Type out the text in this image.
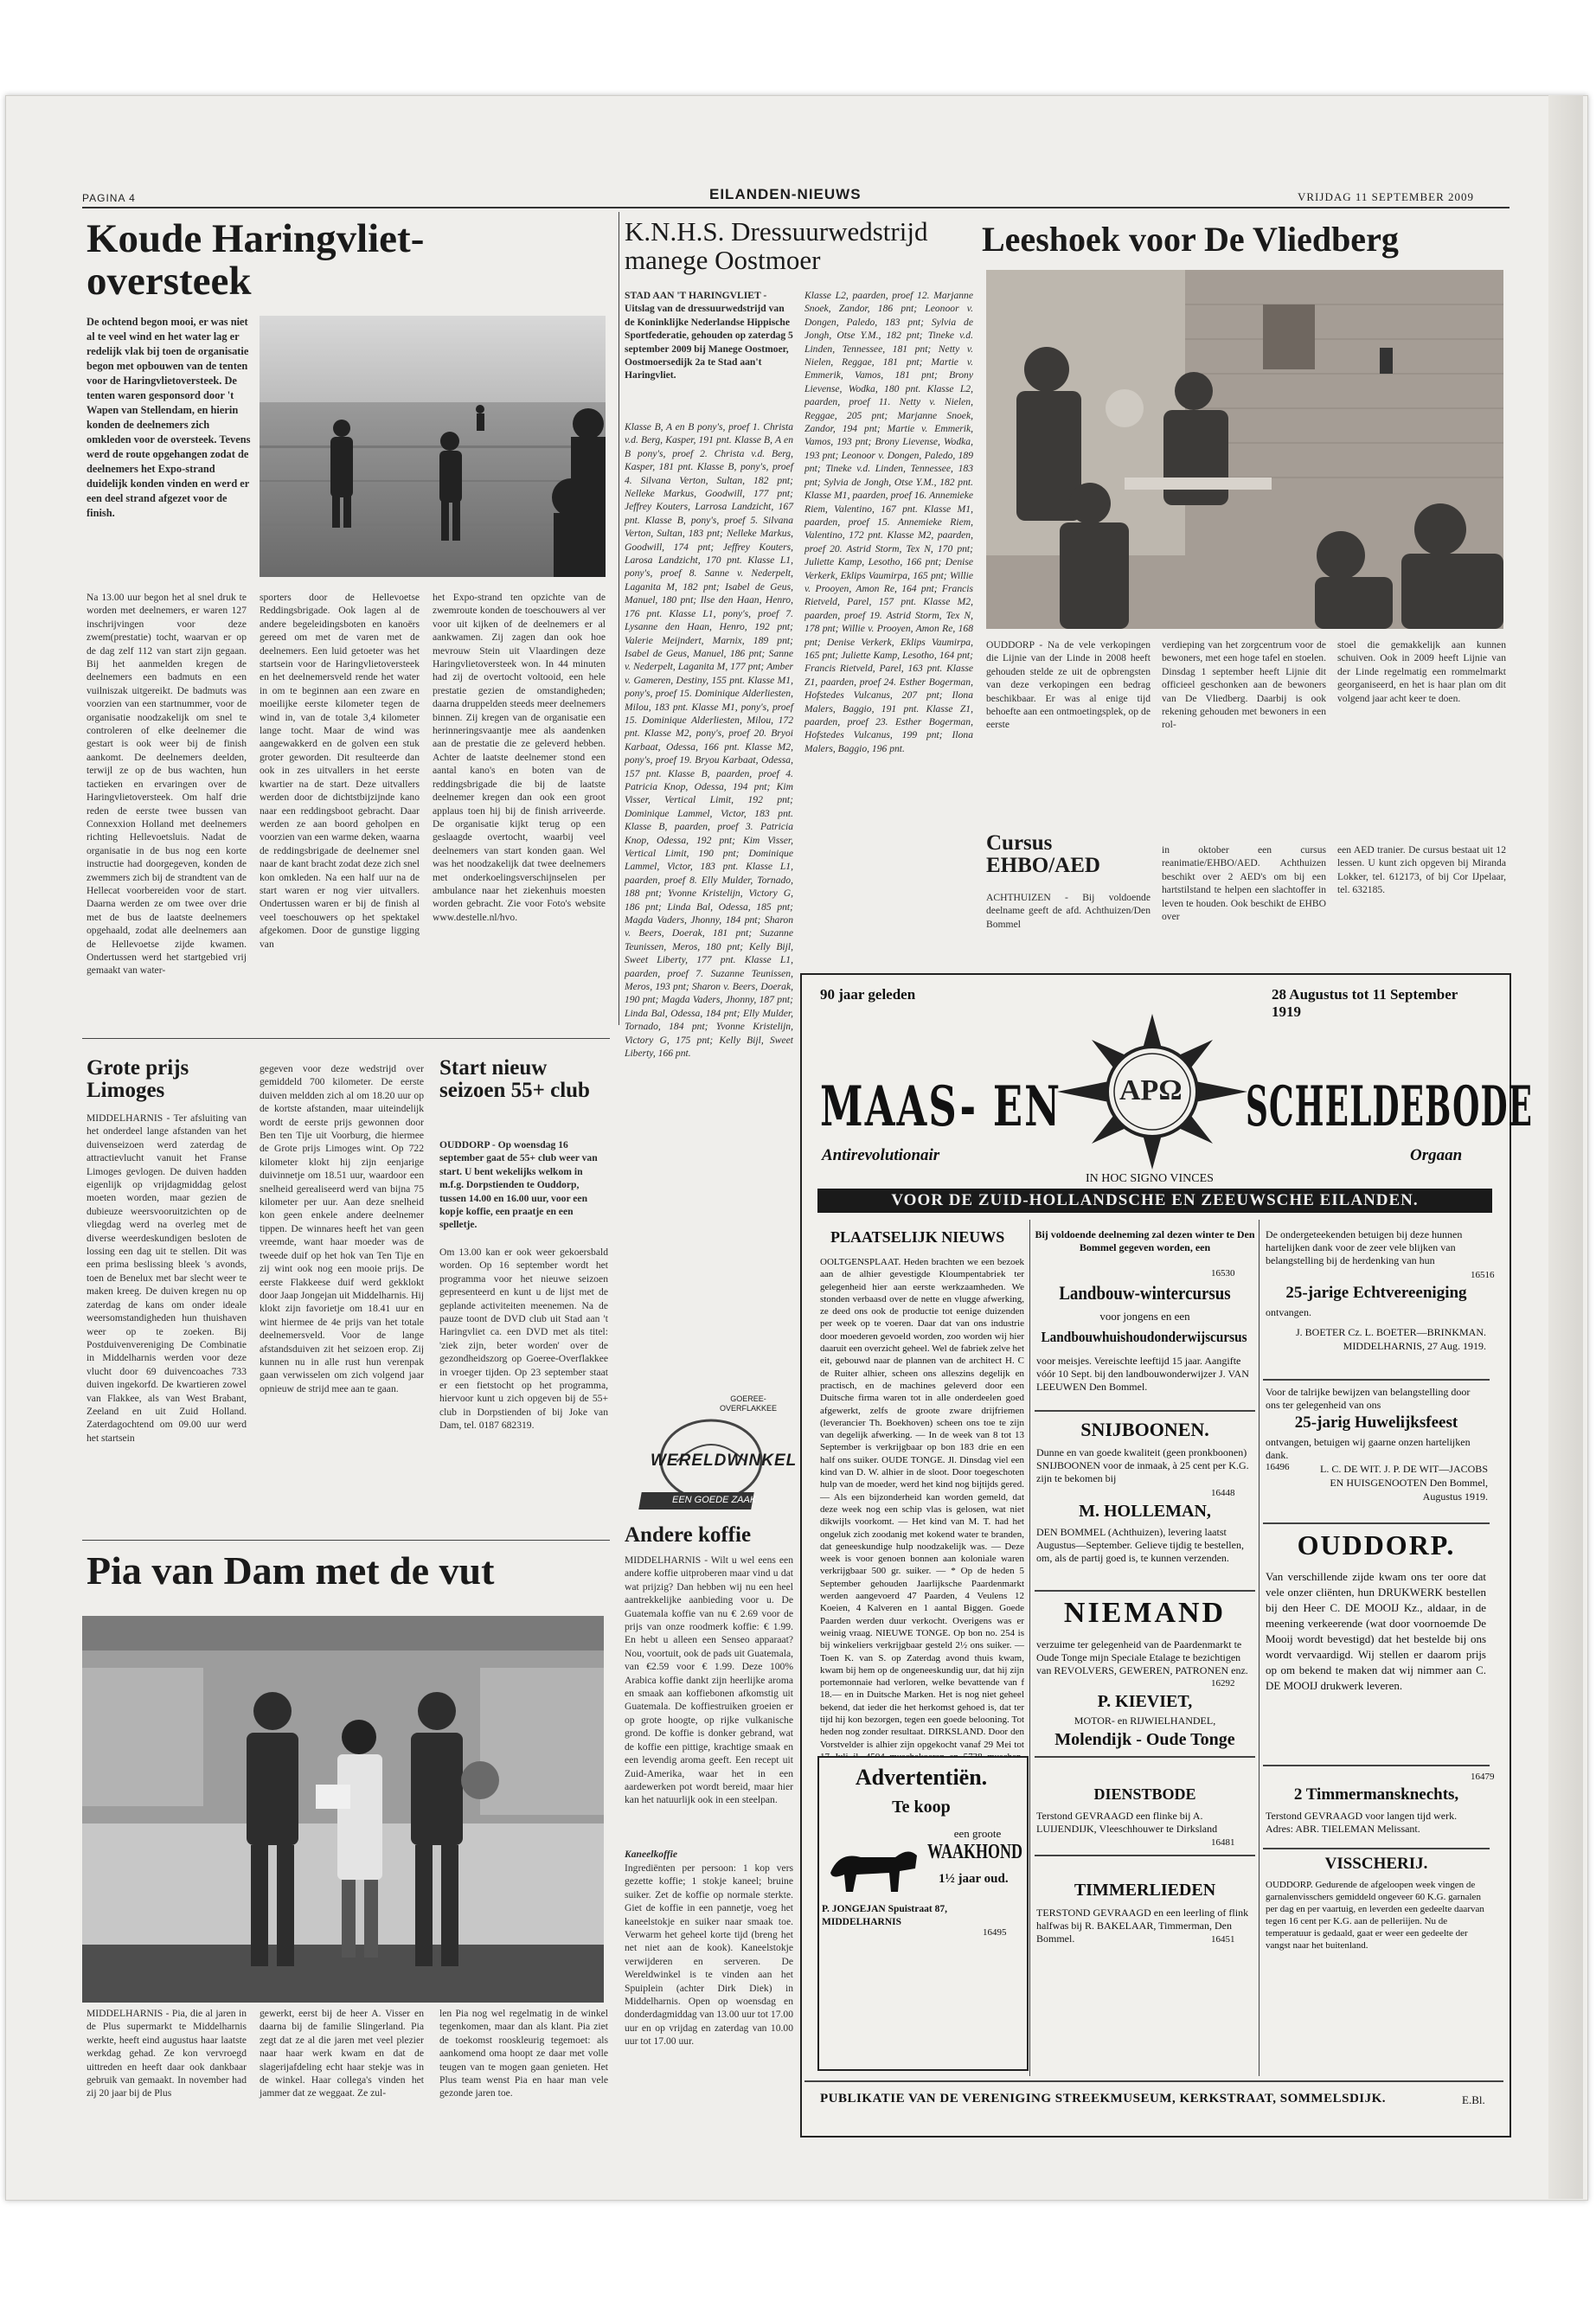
PAGINA 4	EILANDEN-NIEUWS	VRIJDAG 11 SEPTEMBER 2009
Koude Haringvliet-oversteek
De ochtend begon mooi, er was niet al te veel wind en het water lag er redelijk vlak bij toen de organisatie begon met opbouwen van de tenten voor de Haringvlietoversteek. De tenten waren gesponsord door 't Wapen van Stellendam, en hierin konden de deelnemers zich omkleden voor de oversteek. Tevens werd de route opgehangen zodat de deelnemers het Expo-strand duidelijk konden vinden en werd er een deel strand afgezet voor de finish.
Na 13.00 uur begon het al snel druk te worden met deelnemers, er waren 127 inschrijvingen voor deze zwem(prestatie) tocht, waarvan er op de dag zelf 112 van start zijn gegaan. Bij het aanmelden kregen de deelnemers een badmuts en een vuilniszak uitgereikt. De badmuts was voorzien van een startnummer, voor de organisatie noodzakelijk om snel te controleren of elke deelnemer die gestart is ook weer bij de finish aankomt. De deelnemers deelden, terwijl ze op de bus wachten, hun tactieken en ervaringen over de Haringvlietoversteek. Om half drie reden de eerste twee bussen van Connexxion Holland met deelnemers richting Hellevoetsluis. Nadat de organisatie in de bus nog een korte instructie had doorgegeven, konden de zwemmers zich bij de strandtent van de Hellecat voorbereiden voor de start. Daarna werden ze om twee over drie met de bus de laatste deelnemers opgehaald, zodat alle deelnemers aan de Hellevoetse zijde kwamen. Ondertussen werd het startgebied vrij gemaakt van water-
sporters door de Hellevoetse Reddingsbrigade. Ook lagen al de andere begeleidingsboten en kanoërs gereed om met de varen met de deelnemers. Een luid getoeter was het startsein voor de Haringvlietoversteek en het deelnemersveld rende het water in om te beginnen aan een zware en moeilijke eerste kilometer tegen de wind in, van de totale 3,4 kilometer lange tocht. Maar de wind was aangewakkerd en de golven een stuk groter geworden. Dit resulteerde dan ook in zes uitvallers in het eerste kwartier na de start. Deze uitvallers werden door de dichtstbijzijnde kano naar een reddingsboot gebracht. Daar werden ze aan boord geholpen en voorzien van een warme deken, waarna de reddingsbrigade de deelnemer snel naar de kant bracht zodat deze zich snel kon omkleden. Na een half uur na de start waren er nog vier uitvallers. Ondertussen waren er bij de finish al veel toeschouwers op het spektakel afgekomen. Door de gunstige ligging van
het Expo-strand ten opzichte van de zwemroute konden de toeschouwers al ver voor uit kijken of de deelnemers er al aankwamen. Zij zagen dan ook hoe mevrouw Stein uit Vlaardingen deze Haringvlietoversteek won. In 44 minuten had zij de overtocht voltooid, een hele prestatie gezien de omstandigheden; daarna druppelden steeds meer deelnemers binnen. Zij kregen van de organisatie een herinneringsvaantje mee als aandenken aan de prestatie die ze geleverd hebben. Achter de laatste deelnemer stond een aantal kano's en boten van de reddingsbrigade die bij de laatste deelnemer kregen dan ook een groot applaus toen hij bij de finish arriveerde. De organisatie kijkt terug op een geslaagde overtocht, waarbij veel deelnemers van start konden gaan. Wel was het noodzakelijk dat twee deelnemers met onderkoelingsverschijnselen per ambulance naar het ziekenhuis moesten worden gebracht. Zie voor Foto's website www.destelle.nl/hvo.
K.N.H.S. Dressuurwedstrijd manege Oostmoer
STAD AAN 'T HARINGVLIET - Uitslag van de dressuurwedstrijd van de Koninklijke Nederlandse Hippische Sportfederatie, gehouden op zaterdag 5 september 2009 bij Manege Oostmoer, Oostmoersedijk 2a te Stad aan't Haringvliet.
Klasse B, A en B pony's, proef 1. Christa v.d. Berg, Kasper, 191 pnt. Klasse B, A en B pony's, proef 2. Christa v.d. Berg, Kasper, 181 pnt. Klasse B, pony's, proef 4. Silvana Verton, Sultan, 182 pnt; Nelleke Markus, Goodwill, 177 pnt; Jeffrey Kouters, Larrosa Landzicht, 167 pnt. Klasse B, pony's, proef 5. Silvana Verton, Sultan, 183 pnt; Nelleke Markus, Goodwill, 174 pnt; Jeffrey Kouters, Larosa Landzicht, 170 pnt. Klasse L1, pony's, proef 8. Sanne v. Nederpelt, Laganita M, 182 pnt; Isabel de Geus, Manuel, 180 pnt; Ilse den Haan, Henro, 176 pnt. Klasse L1, pony's, proef 7. Lysanne den Haan, Henro, 192 pnt; Valerie Meijndert, Marnix, 189 pnt; Isabel de Geus, Manuel, 186 pnt; Sanne v. Nederpelt, Laganita M, 177 pnt; Amber v. Gameren, Destiny, 155 pnt. Klasse M1, pony's, proef 15. Dominique Alderliesten, Milou, 183 pnt. Klasse M1, pony's, proef 15. Dominique Alderliesten, Milou, 172 pnt. Klasse M2, pony's, proef 20. Bryoi Karbaat, Odessa, 166 pnt. Klasse M2, pony's, proef 19. Bryou Karbaat, Odessa, 157 pnt. Klasse B, paarden, proef 4. Patricia Knop, Odessa, 194 pnt; Kim Visser, Vertical Limit, 192 pnt; Dominique Lammel, Victor, 183 pnt. Klasse B, paarden, proef 3. Patricia Knop, Odessa, 192 pnt; Kim Visser, Vertical Limit, 190 pnt; Dominique Lammel, Victor, 183 pnt. Klasse L1, paarden, proef 8. Elly Mulder, Tornado, 188 pnt; Yvonne Kristelijn, Victory G, 186 pnt; Linda Bal, Odessa, 185 pnt; Magda Vaders, Jhonny, 184 pnt; Sharon v. Beers, Doerak, 181 pnt; Suzanne Teunissen, Meros, 180 pnt; Kelly Bijl, Sweet Liberty, 177 pnt. Klasse L1, paarden, proef 7. Suzanne Teunissen, Meros, 193 pnt; Sharon v. Beers, Doerak, 190 pnt; Magda Vaders, Jhonny, 187 pnt; Linda Bal, Odessa, 184 pnt; Elly Mulder, Tornado, 184 pnt; Yvonne Kristelijn, Victory G, 175 pnt; Kelly Bijl, Sweet Liberty, 166 pnt.
Klasse L2, paarden, proef 12. Marjanne Snoek, Zandor, 186 pnt; Leonoor v. Dongen, Paledo, 183 pnt; Sylvia de Jongh, Otse Y.M., 182 pnt; Tineke v.d. Linden, Tennessee, 181 pnt; Netty v. Nielen, Reggae, 181 pnt; Martie v. Emmerik, Vamos, 181 pnt; Brony Lievense, Wodka, 180 pnt. Klasse L2, paarden, proef 11. Netty v. Nielen, Reggae, 205 pnt; Marjanne Snoek, Zandor, 194 pnt; Martie v. Emmerik, Vamos, 193 pnt; Brony Lievense, Wodka, 193 pnt; Leonoor v. Dongen, Paledo, 189 pnt; Tineke v.d. Linden, Tennessee, 183 pnt; Sylvia de Jongh, Otse Y.M., 182 pnt. Klasse M1, paarden, proef 16. Annemieke Riem, Valentino, 167 pnt. Klasse M1, paarden, proef 15. Annemieke Riem, Valentino, 172 pnt. Klasse M2, paarden, proef 20. Astrid Storm, Tex N, 170 pnt; Juliette Kamp, Lesotho, 166 pnt; Denise Verkerk, Eklips Vaumirpa, 165 pnt; Willie v. Prooyen, Amon Re, 164 pnt; Francis Rietveld, Parel, 157 pnt. Klasse M2, paarden, proef 19. Astrid Storm, Tex N, 178 pnt; Willie v. Prooyen, Amon Re, 168 pnt; Denise Verkerk, Eklips Vaumirpa, 165 pnt; Juliette Kamp, Lesotho, 164 pnt; Francis Rietveld, Parel, 163 pnt. Klasse Z1, paarden, proef 24. Esther Bogerman, Hofstedes Vulcanus, 207 pnt; Ilona Malers, Baggio, 191 pnt. Klasse Z1, paarden, proef 23. Esther Bogerman, Hofstedes Vulcanus, 199 pnt; Ilona Malers, Baggio, 196 pnt.
Leeshoek voor De Vliedberg
OUDDORP - Na de vele verkopingen die Lijnie van der Linde in 2008 heeft gehouden stelde ze uit de opbrengsten van deze verkopingen een bedrag beschikbaar. Er was al enige tijd behoefte aan een ontmoetingsplek, op de eerste
verdieping van het zorgcentrum voor de bewoners, met een hoge tafel en stoelen. Dinsdag 1 september heeft Lijnie dit officieel geschonken aan de bewoners van De Vliedberg. Daarbij is ook rekening gehouden met bewoners in een rol-
stoel die gemakkelijk aan kunnen schuiven. Ook in 2009 heeft Lijnie van der Linde regelmatig een rommelmarkt georganiseerd, en het is haar plan om dit volgend jaar acht keer te doen.
Cursus EHBO/AED
ACHTHUIZEN - Bij voldoende deelname geeft de afd. Achthuizen/Den Bommel
in oktober een cursus reanimatie/EHBO/AED. Achthuizen beschikt over 2 AED's om bij een hartstilstand te helpen een slachtoffer in leven te houden. Ook beschikt de EHBO over
een AED tranier. De cursus bestaat uit 12 lessen. U kunt zich opgeven bij Miranda Lokker, tel. 612173, of bij Cor IJpelaar, tel. 632185.
Grote prijs Limoges
MIDDELHARNIS - Ter afsluiting van het onderdeel lange afstanden van het duivenseizoen werd zaterdag de attractievlucht vanuit het Franse Limoges gevlogen. De duiven hadden eigenlijk op vrijdagmiddag gelost moeten worden, maar gezien de dubieuze weersvooruitzichten op de vliegdag werd na overleg met de diverse weerdeskundigen besloten de lossing een dag uit te stellen. Dit was een prima beslissing bleek 's avonds, toen de Benelux met bar slecht weer te maken kreeg. De duiven kregen nu op zaterdag de kans om onder ideale weersomstandigheden hun thuishaven weer op te zoeken. Bij Postduivenvereniging De Combinatie in Middelharnis werden voor deze vlucht door 69 duivencoaches 733 duiven ingekorfd. De kwartieren zowel van Flakkee, als van West Brabant, Zeeland en uit Zuid Holland. Zaterdagochtend om 09.00 uur werd het startsein
gegeven voor deze wedstrijd over gemiddeld 700 kilometer. De eerste duiven meldden zich al om 18.20 uur op de kortste afstanden, maar uiteindelijk wordt de eerste prijs gewonnen door Ben ten Tije uit Voorburg, die hiermee de Grote prijs Limoges wint. Op 722 kilometer klokt hij zijn eenjarige duivinnetje om 18.51 uur, waardoor een snelheid gerealiseerd werd van bijna 75 kilometer per uur. Aan deze snelheid kon geen enkele andere deelnemer tippen. De winnares heeft het van geen vreemde, want haar moeder was de tweede duif op het hok van Ten Tije en zij wint ook nog een mooie prijs. De eerste Flakkeese duif werd gekklokt door Jaap Jongejan uit Middelharnis. Hij klokt zijn favorietje om 18.41 uur en wint hiermee de 4e prijs van het totale deelnemersveld. Voor de lange afstandsduiven zit het seizoen erop. Zij kunnen nu in alle rust hun verenpak gaan verwisselen om zich volgend jaar opnieuw de strijd mee aan te gaan.
Start nieuw seizoen 55+ club
OUDDORP - Op woensdag 16 september gaat de 55+ club weer van start. U bent wekelijks welkom in m.f.g. Dorpstienden te Ouddorp, tussen 14.00 en 16.00 uur, voor een kopje koffie, een praatje en een spelletje.
Om 13.00 kan er ook weer gekoersbald worden. Op 16 september wordt het programma voor het nieuwe seizoen gepresenteerd en kunt u de lijst met de geplande activiteiten meenemen. Na de pauze toont de DVD club uit Stad aan 't Haringvliet ca. een DVD met als titel: 'ziek zijn, beter worden' over de gezondheidszorg op Goeree-Overflakkee in vroeger tijden. Op 23 september staat er een fietstocht op het programma, hiervoor kunt u zich opgeven bij de 55+ club in Dorpstienden of bij Joke van Dam, tel. 0187 682319.
GOEREE-OVERFLAKKEE
WERELDWINKEL
EEN GOEDE ZAAK
Andere koffie
MIDDELHARNIS - Wilt u wel eens een andere koffie uitproberen maar vind u dat wat prijzig? Dan hebben wij nu een heel aantrekkelijke aanbieding voor u. De Guatemala koffie van nu € 2.69 voor de prijs van onze roodmerk koffie: € 1.99. En hebt u alleen een Senseo apparaat? Nou, voortuit, ook de pads uit Guatemala, van €2.59 voor € 1.99. Deze 100% Arabica koffie dankt zijn heerlijke aroma en smaak aan koffiebonen afkomstig uit Guatemala. De koffiestruiken groeien er op grote hoogte, op rijke vulkanische grond. De koffie is donker gebrand, wat de koffie een pittige, krachtige smaak en een levendig aroma geeft. Een recept uit Zuid-Amerika, waar het in een aardewerken pot wordt bereid, maar hier kan het natuurlijk ook in een steelpan.
Kaneelkoffie
Ingrediënten per persoon: 1 kop vers gezette koffie; 1 stokje kaneel; bruine suiker. Zet de koffie op normale sterkte. Giet de koffie in een pannetje, voeg het kaneelstokje en suiker naar smaak toe. Verwarm het geheel korte tijd (breng het net niet aan de kook). Kaneelstokje verwijderen en serveren. De Wereldwinkel is te vinden aan het Spuiplein (achter Dirk Diek) in Middelharnis. Open op woensdag en donderdagmiddag van 13.00 uur tot 17.00 uur en op vrijdag en zaterdag van 10.00 uur tot 17.00 uur.
Pia van Dam met de vut
MIDDELHARNIS - Pia, die al jaren in de Plus supermarkt te Middelharnis werkte, heeft eind augustus haar laatste werkdag gehad. Ze kon vervroegd uittreden en heeft daar ook dankbaar gebruik van gemaakt. In november had zij 20 jaar bij de Plus
gewerkt, eerst bij de heer A. Visser en daarna bij de familie Slingerland. Pia zegt dat ze al die jaren met veel plezier naar haar werk kwam en dat de slagerijafdeling echt haar stekje was in de winkel. Haar collega's vinden het jammer dat ze weggaat. Ze zul-
len Pia nog wel regelmatig in de winkel tegenkomen, maar dan als klant. Pia ziet de toekomst rooskleurig tegemoet: als aankomend oma hoopt ze daar met volle teugen van te mogen gaan genieten. Het Plus team wenst Pia en haar man vele gezonde jaren toe.
90 jaar geleden	28 Augustus tot 11 September 1919
MAAS- EN AΡΩ SCHELDEBODE
Antirevolutionair
IN HOC SIGNO VINCES
Orgaan
VOOR DE ZUID-HOLLANDSCHE EN ZEEUWSCHE EILANDEN.
PLAATSELIJK NIEUWS
OOLTGENSPLAAT. Heden brachten we een bezoek aan de alhier gevestigde Kloumpentabriek ter gelegenheid hier aan eerste werkzaamheden. We stonden verbaasd over de nette en vlugge afwerking, ze deed ons ook de productie tot eenige duizenden per week op te voeren. Daar dat van ons industrie door moederen gevoeld worden, zoo worden wij hier daaruit een overzicht geheel. Wel de fabriek zelve het eit, gebouwd naar de plannen van de architect H. C de Ruiter alhier, scheen ons alleszins degelijk en practisch, en de machines geleverd door een Duitsche firma waren tot in alle onderdeelen goed afgewerkt, zelfs de groote zware drijfriemen (leverancier Th. Boekhoven) scheen ons toe te zijn van degelijk afwerking. — In de week van 8 tot 13 September is verkrijgbaar op bon 183 drie en een half ons suiker. OUDE TONGE. Jl. Dinsdag viel een kind van D. W. alhier in de sloot. Door toegeschoten hulp van de moeder, werd het kind nog bijtijds gered. — Als een bijzonderheid kan worden gemeld, dat deze week nog een schip vlas is gelosen, wat niet dikwijls voorkomt. — Het kind van M. T. had het ongeluk zich zoodanig met kokend water te branden, dat geneeskundige hulp noodzakelijk was. — Deze week is voor genoen bonnen aan koloniale waren verkrijgbaar 500 gr. suiker. — * Op de heden 5 September gehouden Jaarlijksche Paardenmarkt werden aangevoerd 47 Paarden, 4 Veulens 12 Koeien, 4 Kalveren en 1 aantal Biggen. Goede Paarden werden duur verkocht. Overigens was er weinig vraag. NIEUWE TONGE. Op bon no. 254 is bij winkeliers verkrijgbaar gesteld 2½ ons suiker. — Toen K. van S. op Zaterdag avond thuis kwam, kwam bij hem op de ongeneeskundig uur, dat hij zijn portemonnaie had verloren, welke bevattende van f 18.— en in Duitsche Marken. Het is nog niet geheel bekend, dat ieder die het herkomst gehoed is, dat ter tijd hij kon bezorgen, tegen een goede belooning. Tot heden nog zonder resultaat. DIRKSLAND. Door den Vorstvelder is alhier zijn opgekocht vanaf 29 Mei tot
Advertentiën.
Te koop
een groote
WAAKHOND
1½ jaar oud.
P. JONGEJAN Spuistraat 87, MIDDELHARNIS
16495
Bij voldoende deelneming zal dezen winter te Den Bommel gegeven worden, een
16530
Landbouw-wintercursus
voor jongens en een
Landbouwhuishoudonderwijscursus
voor meisjes. Vereischte leeftijd 15 jaar. Aangifte vóór 10 Sept. bij den landbouwonderwijzer J. VAN LEEUWEN Den Bommel.
SNIJBOONEN.
Dunne en van goede kwaliteit (geen pronkboonen) SNIJBOONEN voor de inmaak, à 25 cent per K.G. zijn te bekomen bij
16448
M. HOLLEMAN,
DEN BOMMEL (Achthuizen), levering laatst Augustus—September. Gelieve tijdig te bestellen, om, als de partij goed is, te kunnen verzenden.
NIEMAND
verzuime ter gelegenheid van de Paardenmarkt te Oude Tonge mijn Speciale Etalage te bezichtigen van REVOLVERS, GEWEREN, PATRONEN enz.
16292
P. KIEVIET,
MOTOR- en RIJWIELHANDEL,
Molendijk - Oude Tonge
DIENSTBODE
Terstond GEVRAAGD een flinke bij A. LUIJENDIJK, Vleeschhouwer te Dirksland
16481
TIMMERLIEDEN
TERSTOND GEVRAAGD en een leerling of flink halfwas bij R. BAKELAAR, Timmerman, Den Bommel.	16451
De ondergeteekenden betuigen bij deze hunnen hartelijken dank voor de zeer vele blijken van belangstelling bij de herdenking van hun
16516
25-jarige Echtvereeniging
ontvangen.
J. BOETER Cz. L. BOETER—BRINKMAN. MIDDELHARNIS, 27 Aug. 1919.
Voor de talrijke bewijzen van belangstelling door ons ter gelegenheid van ons
25-jarig Huwelijksfeest
ontvangen, betuigen wij gaarne onzen hartelijken dank.
16496	L. C. DE WIT. J. P. DE WIT—JACOBS EN HUISGENOOTEN Den Bommel, Augustus 1919.
OUDDORP.
Van verschillende zijde kwam ons ter oore dat vele onzer cliënten, hun DRUKWERK bestellen bij den Heer C. DE MOOIJ Kz., aldaar, in de meening verkeerende (wat door voornoemde De Mooij wordt bevestigd) dat het bestelde bij ons wordt vervaardigd. Wij stellen er daarom prijs op om bekend te maken dat wij nimmer aan C. DE MOOIJ drukwerk leveren.
16479
2 Timmermansknechts,
Terstond GEVRAAGD voor langen tijd werk. Adres: ABR. TIELEMAN Melissant.
VISSCHERIJ.
OUDDORP. Gedurende de afgeloopen week vingen de garnalenvisschers gemiddeld ongeveer 60 K.G. garnalen per dag en per vaartuig, en leverden een gedeelte daarvan tegen 16 cent per K.G. aan de pelleriijen. Nu de temperatuur is gedaald, gaat er weer een gedeelte der vangst naar het buitenland.
PUBLIKATIE VAN DE VERENIGING STREEKMUSEUM, KERKSTRAAT, SOMMELSDIJK.	E.Bl.
